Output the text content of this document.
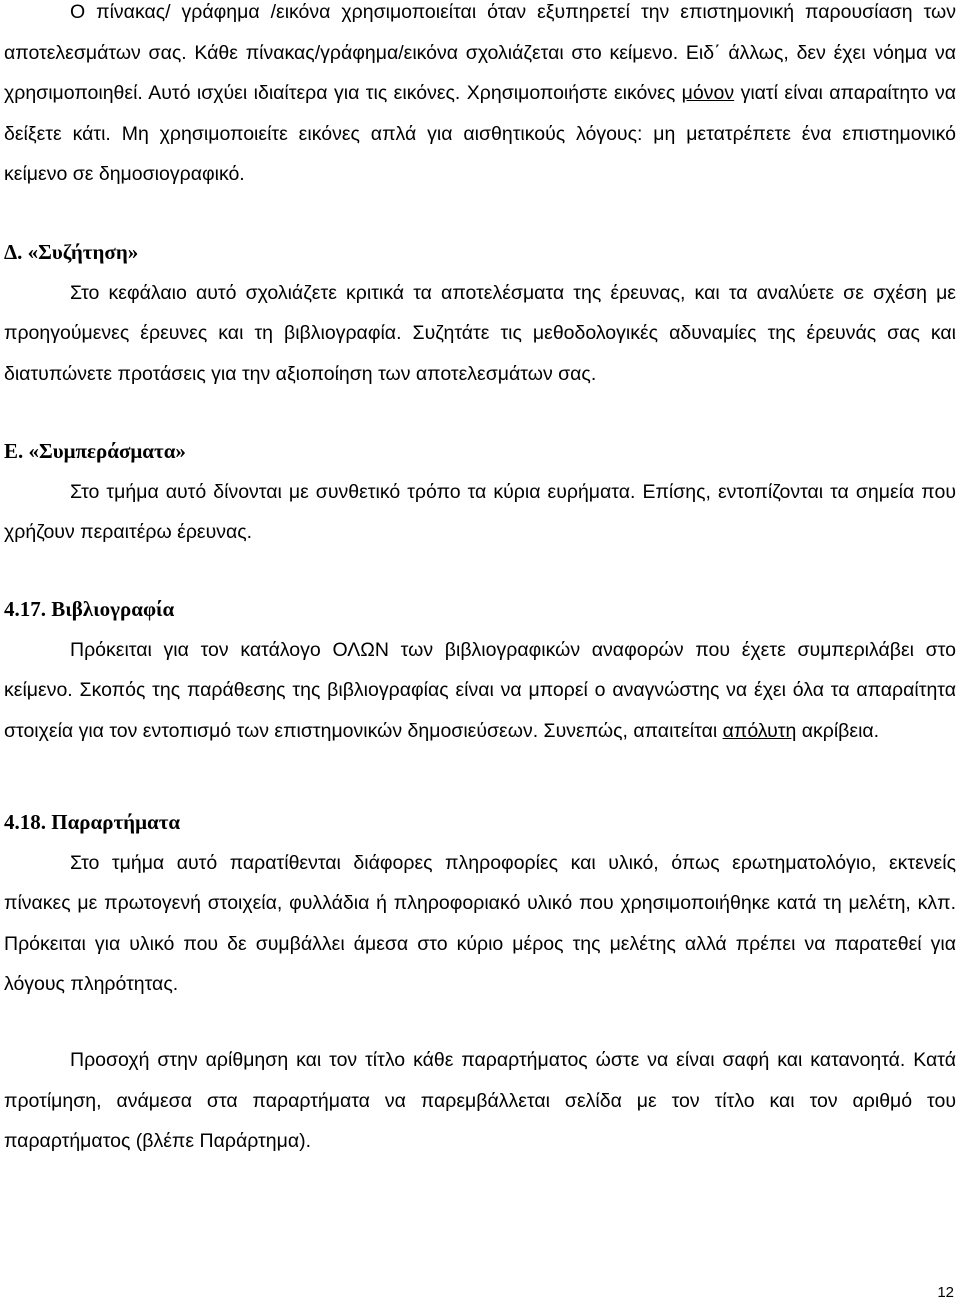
Ο πίνακας/ γράφημα /εικόνα χρησιμοποιείται όταν εξυπηρετεί την επιστημονική παρουσίαση των αποτελεσμάτων σας. Κάθε πίνακας/γράφημα/εικόνα σχολιάζεται στο κείμενο. Ειδ΄ άλλως, δεν έχει νόημα να χρησιμοποιηθεί. Αυτό ισχύει ιδιαίτερα για τις εικόνες. Χρησιμοποιήστε εικόνες μόνον γιατί είναι απαραίτητο να δείξετε κάτι. Μη χρησιμοποιείτε εικόνες απλά για αισθητικούς λόγους: μη μετατρέπετε ένα επιστημονικό κείμενο σε δημοσιογραφικό.

Δ. «Συζήτηση»

Στο κεφάλαιο αυτό σχολιάζετε κριτικά τα αποτελέσματα της έρευνας, και τα αναλύετε σε σχέση με προηγούμενες έρευνες και τη βιβλιογραφία. Συζητάτε τις μεθοδολογικές αδυναμίες της έρευνάς σας και διατυπώνετε προτάσεις για την αξιοποίηση των αποτελεσμάτων σας.

Ε. «Συμπεράσματα»

Στο τμήμα αυτό δίνονται με συνθετικό τρόπο τα κύρια ευρήματα. Επίσης, εντοπίζονται τα σημεία που χρήζουν περαιτέρω έρευνας.

4.17. Βιβλιογραφία

Πρόκειται για τον κατάλογο ΟΛΩΝ των βιβλιογραφικών αναφορών που έχετε συμπεριλάβει στο κείμενο. Σκοπός της παράθεσης της βιβλιογραφίας είναι να μπορεί ο αναγνώστης να έχει όλα τα απαραίτητα στοιχεία για τον εντοπισμό των επιστημονικών δημοσιεύσεων. Συνεπώς, απαιτείται απόλυτη ακρίβεια.

4.18. Παραρτήματα

Στο τμήμα αυτό παρατίθενται διάφορες πληροφορίες και υλικό, όπως ερωτηματολόγιο, εκτενείς πίνακες με πρωτογενή στοιχεία, φυλλάδια ή πληροφοριακό υλικό που χρησιμοποιήθηκε κατά τη μελέτη, κλπ. Πρόκειται για υλικό που δε συμβάλλει άμεσα στο κύριο μέρος της μελέτης αλλά πρέπει να παρατεθεί για λόγους πληρότητας.

Προσοχή στην αρίθμηση και τον τίτλο κάθε παραρτήματος ώστε να είναι σαφή και κατανοητά. Κατά προτίμηση, ανάμεσα στα παραρτήματα να παρεμβάλλεται σελίδα με τον τίτλο και τον αριθμό του παραρτήματος (βλέπε Παράρτημα).

12
